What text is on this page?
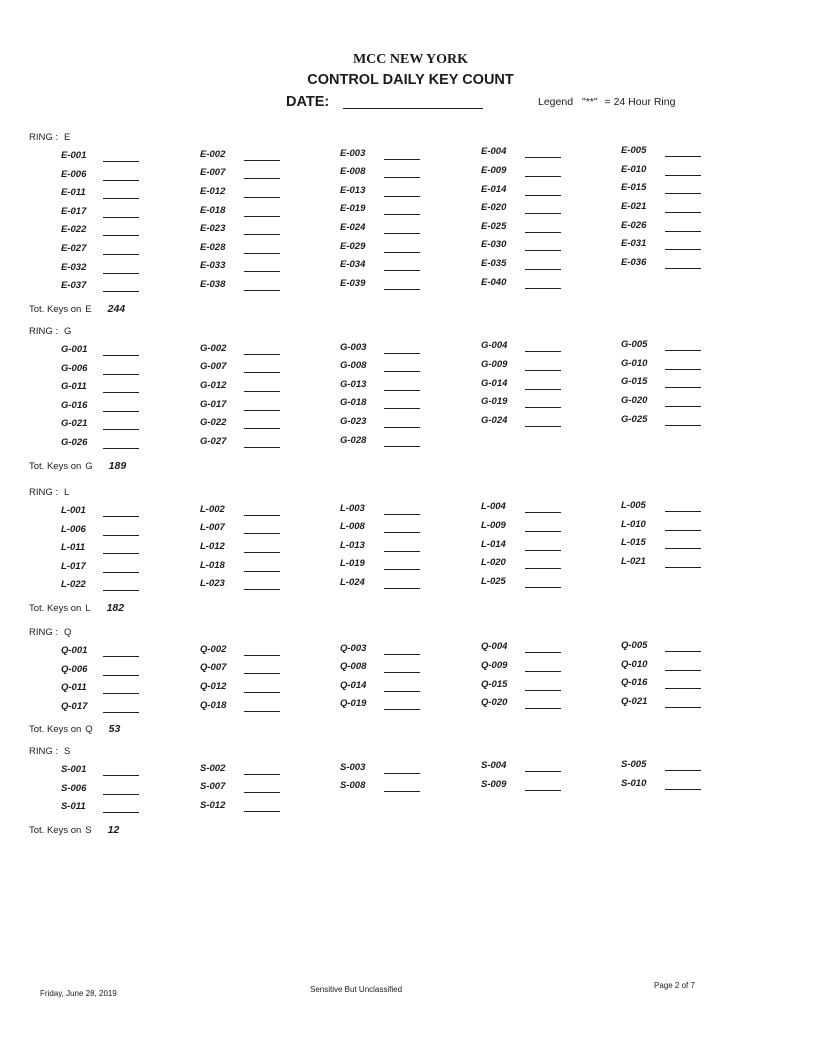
MCC NEW YORK
CONTROL DAILY KEY COUNT
DATE:	Legend "**" = 24 Hour Ring
RING : E
E-001	E-002	E-003	E-004	E-005
E-006	E-007	E-008	E-009	E-010
E-011	E-012	E-013	E-014	E-015
E-017	E-018	E-019	E-020	E-021
E-022	E-023	E-024	E-025	E-026
E-027	E-028	E-029	E-030	E-031
E-032	E-033	E-034	E-035	E-036
E-037	E-038	E-039	E-040
Tot. Keys on E 244
RING : G
G-001	G-002	G-003	G-004	G-005
G-006	G-007	G-008	G-009	G-010
G-011	G-012	G-013	G-014	G-015
G-016	G-017	G-018	G-019	G-020
G-021	G-022	G-023	G-024	G-025
G-026	G-027	G-028
Tot. Keys on G 189
RING : L
L-001	L-002	L-003	L-004	L-005
L-006	L-007	L-008	L-009	L-010
L-011	L-012	L-013	L-014	L-015
L-017	L-018	L-019	L-020	L-021
L-022	L-023	L-024	L-025
Tot. Keys on L 182
RING : Q
Q-001	Q-002	Q-003	Q-004	Q-005
Q-006	Q-007	Q-008	Q-009	Q-010
Q-011	Q-012	Q-014	Q-015	Q-016
Q-017	Q-018	Q-019	Q-020	Q-021
Tot. Keys on Q 53
RING : S
S-001	S-002	S-003	S-004	S-005
S-006	S-007	S-008	S-009	S-010
S-011	S-012
Tot. Keys on S 12
Friday, June 28, 2019	Sensitive But Unclassified	Page 2 of 7
